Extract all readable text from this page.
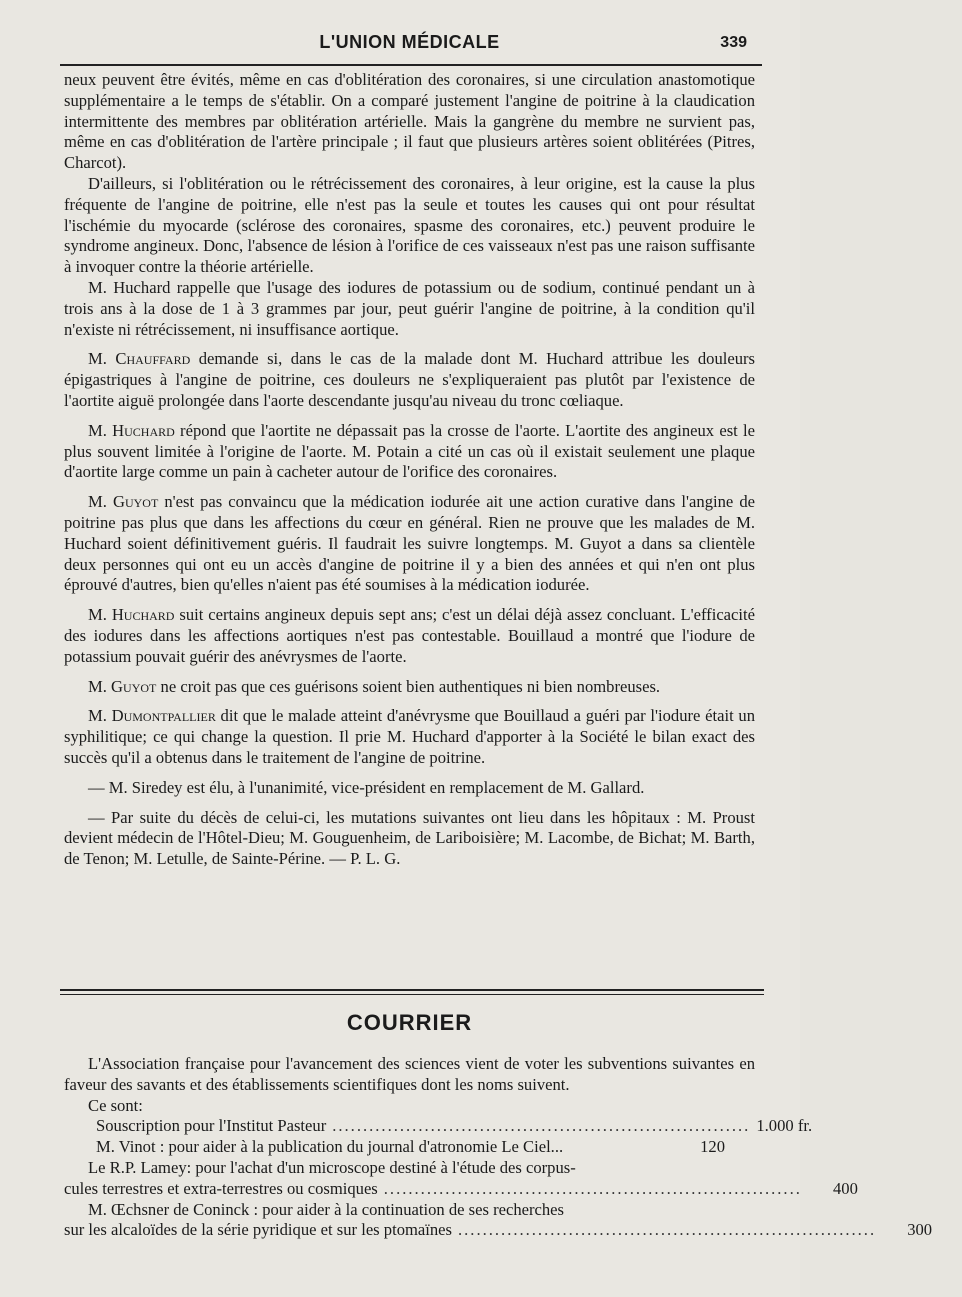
L'UNION MÉDICALE	339

neux peuvent être évités, même en cas d'oblitération des coronaires, si une circulation anastomotique supplémentaire a le temps de s'établir. On a comparé justement l'angine de poitrine à la claudication intermittente des membres par oblitération artérielle. Mais la gangrène du membre ne survient pas, même en cas d'oblitération de l'artère principale ; il faut que plusieurs artères soient oblitérées (Pitres, Charcot).

D'ailleurs, si l'oblitération ou le rétrécissement des coronaires, à leur origine, est la cause la plus fréquente de l'angine de poitrine, elle n'est pas la seule et toutes les causes qui ont pour résultat l'ischémie du myocarde (sclérose des coronaires, spasme des coronaires, etc.) peuvent produire le syndrome angineux. Donc, l'absence de lésion à l'orifice de ces vaisseaux n'est pas une raison suffisante à invoquer contre la théorie artérielle.

M. Huchard rappelle que l'usage des iodures de potassium ou de sodium, continué pendant un à trois ans à la dose de 1 à 3 grammes par jour, peut guérir l'angine de poitrine, à la condition qu'il n'existe ni rétrécissement, ni insuffisance aortique.

M. Chauffard demande si, dans le cas de la malade dont M. Huchard attribue les douleurs épigastriques à l'angine de poitrine, ces douleurs ne s'expliqueraient pas plutôt par l'existence de l'aortite aiguë prolongée dans l'aorte descendante jusqu'au niveau du tronc cœliaque.

M. Huchard répond que l'aortite ne dépassait pas la crosse de l'aorte. L'aortite des angineux est le plus souvent limitée à l'origine de l'aorte. M. Potain a cité un cas où il existait seulement une plaque d'aortite large comme un pain à cacheter autour de l'orifice des coronaires.

M. Guyot n'est pas convaincu que la médication iodurée ait une action curative dans l'angine de poitrine pas plus que dans les affections du cœur en général. Rien ne prouve que les malades de M. Huchard soient définitivement guéris. Il faudrait les suivre longtemps. M. Guyot a dans sa clientèle deux personnes qui ont eu un accès d'angine de poitrine il y a bien des années et qui n'en ont plus éprouvé d'autres, bien qu'elles n'aient pas été soumises à la médication iodurée.

M. Huchard suit certains angineux depuis sept ans; c'est un délai déjà assez concluant. L'efficacité des iodures dans les affections aortiques n'est pas contestable. Bouillaud a montré que l'iodure de potassium pouvait guérir des anévrysmes de l'aorte.

M. Guyot ne croit pas que ces guérisons soient bien authentiques ni bien nombreuses.

M. Dumontpallier dit que le malade atteint d'anévrysme que Bouillaud a guéri par l'iodure était un syphilitique; ce qui change la question. Il prie M. Huchard d'apporter à la Société le bilan exact des succès qu'il a obtenus dans le traitement de l'angine de poitrine.

— M. Siredey est élu, à l'unanimité, vice-président en remplacement de M. Gallard.

— Par suite du décès de celui-ci, les mutations suivantes ont lieu dans les hôpitaux : M. Proust devient médecin de l'Hôtel-Dieu; M. Gouguenheim, de Lariboisière; M. Lacombe, de Bichat; M. Barth, de Tenon; M. Letulle, de Sainte-Périne. — P. L. G.

COURRIER

L'Association française pour l'avancement des sciences vient de voter les subventions suivantes en faveur des savants et des établissements scientifiques dont les noms suivent.

Ce sont:

Souscription pour l'Institut Pasteur .................................................................... 1.000 fr.
M. Vinot : pour aider à la publication du journal d'atronomie Le Ciel...	120

Le R.P. Lamey: pour l'achat d'un microscope destiné à l'étude des corpus-

cules terrestres et extra-terrestres ou cosmiques ....................................................................	400

M. Œchsner de Coninck : pour aider à la continuation de ses recherches

sur les alcaloïdes de la série pyridique et sur les ptomaïnes ....................................................................	300
